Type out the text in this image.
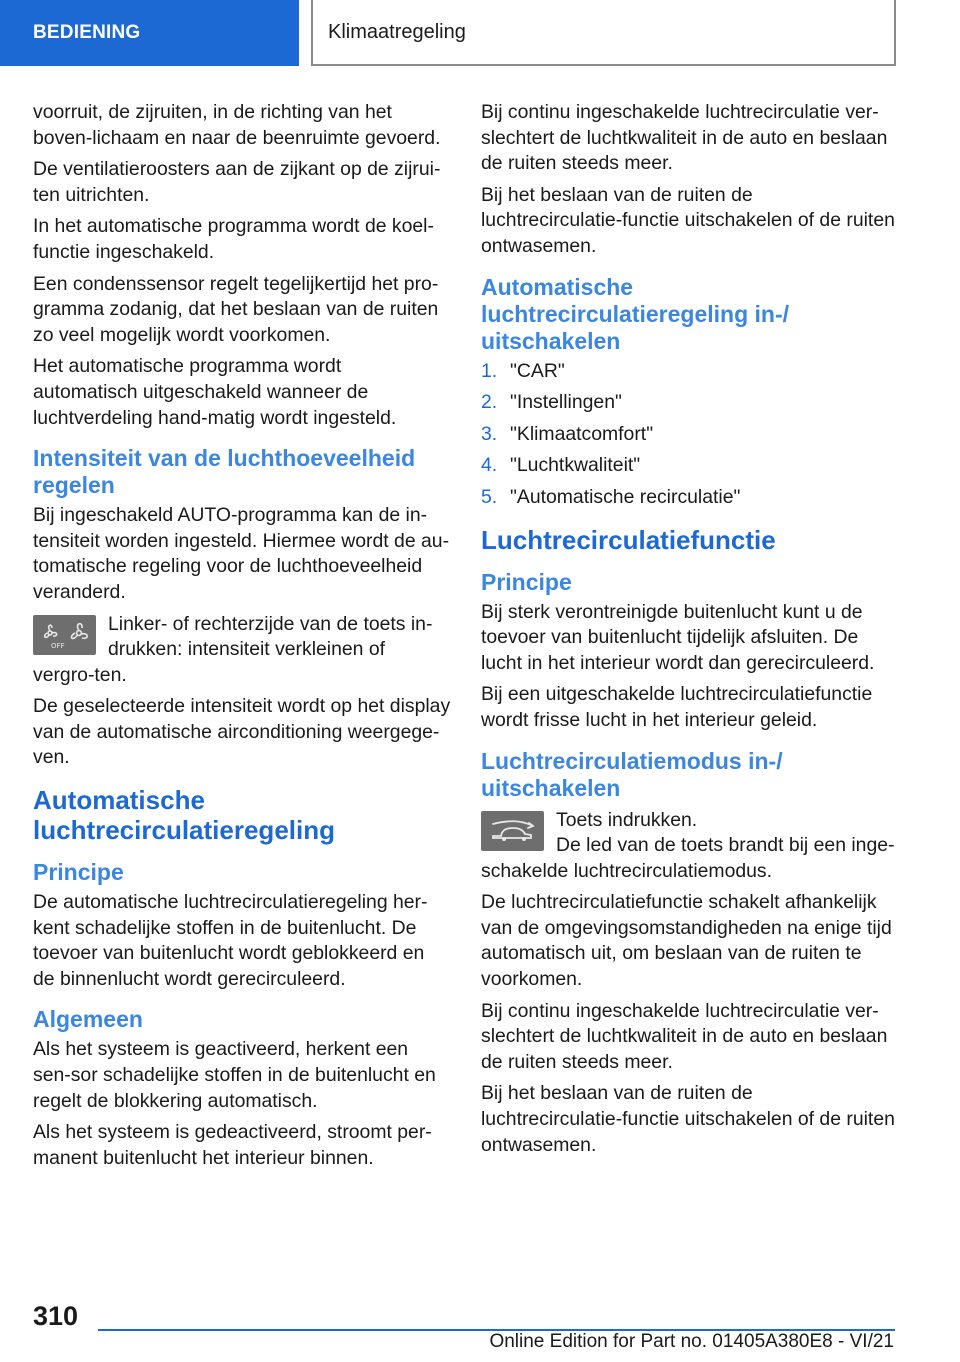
BEDIENING	Klimaatregeling

voorruit, de zijruiten, in de richting van het boven-lichaam en naar de beenruimte gevoerd.

De ventilatieroosters aan de zijkant op de zijrui-ten uitrichten.

In het automatische programma wordt de koel-functie ingeschakeld.

Een condenssensor regelt tegelijkertijd het pro-gramma zodanig, dat het beslaan van de ruiten zo veel mogelijk wordt voorkomen.

Het automatische programma wordt automatisch uitgeschakeld wanneer de luchtverdeling hand-matig wordt ingesteld.

Intensiteit van de luchthoeveelheid regelen

Bij ingeschakeld AUTO-programma kan de in-tensiteit worden ingesteld. Hiermee wordt de au-tomatische regeling voor de luchthoeveelheid veranderd.

OFF

Linker- of rechterzijde van de toets in-drukken: intensiteit verkleinen of vergro-ten.

De geselecteerde intensiteit wordt op het display van de automatische airconditioning weergege-ven.

Automatische luchtrecirculatieregeling
Principe

De automatische luchtrecirculatieregeling her-kent schadelijke stoffen in de buitenlucht. De toevoer van buitenlucht wordt geblokkeerd en de binnenlucht wordt gerecirculeerd.

Algemeen

Als het systeem is geactiveerd, herkent een sen-sor schadelijke stoffen in de buitenlucht en regelt de blokkering automatisch.

Als het systeem is gedeactiveerd, stroomt per-manent buitenlucht het interieur binnen.

Bij continu ingeschakelde luchtrecirculatie ver-slechtert de luchtkwaliteit in de auto en beslaan de ruiten steeds meer.

Bij het beslaan van de ruiten de luchtrecirculatie-functie uitschakelen of de ruiten ontwasemen.

Automatische luchtrecirculatieregeling in-/ uitschakelen
1. "CAR"
2. "Instellingen"
3. "Klimaatcomfort"
4. "Luchtkwaliteit"
5. "Automatische recirculatie"
Luchtrecirculatiefunctie
Principe

Bij sterk verontreinigde buitenlucht kunt u de toevoer van buitenlucht tijdelijk afsluiten. De lucht in het interieur wordt dan gerecirculeerd.

Bij een uitgeschakelde luchtrecirculatiefunctie wordt frisse lucht in het interieur geleid.

Luchtrecirculatiemodus in-/ uitschakelen

Toets indrukken.

De led van de toets brandt bij een inge-schakelde luchtrecirculatiemodus.

De luchtrecirculatiefunctie schakelt afhankelijk van de omgevingsomstandigheden na enige tijd automatisch uit, om beslaan van de ruiten te voorkomen.

Bij continu ingeschakelde luchtrecirculatie ver-slechtert de luchtkwaliteit in de auto en beslaan de ruiten steeds meer.

Bij het beslaan van de ruiten de luchtrecirculatie-functie uitschakelen of de ruiten ontwasemen.

310
Online Edition for Part no. 01405A380E8 - VI/21
